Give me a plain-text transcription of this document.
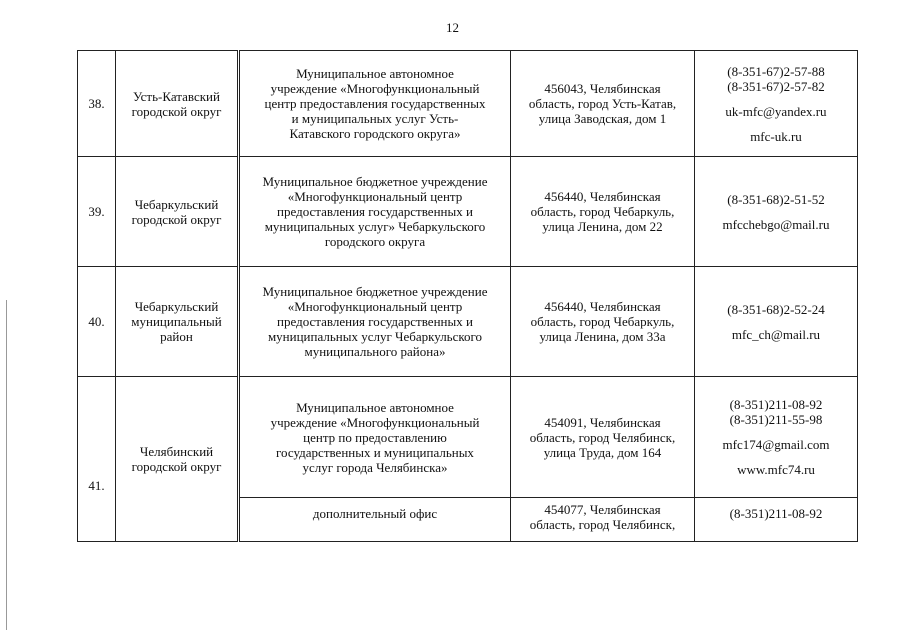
12
38.	Усть-Катавский
городской округ	Муниципальное автономное
учреждение «Многофункциональный
центр предоставления государственных
и муниципальных услуг Усть-
Катавского городского округа»	456043, Челябинская
область, город Усть-Катав,
улица Заводская, дом 1	(8-351-67)2-57-88
(8-351-67)2-57-82
uk-mfc@yandex.ru
mfc-uk.ru

39.	Чебаркульский
городской округ	Муниципальное бюджетное учреждение
«Многофункциональный центр
предоставления государственных и
муниципальных услуг» Чебаркульского
городского округа	456440, Челябинская
область, город Чебаркуль,
улица Ленина, дом 22	(8-351-68)2-51-52
mfcchebgo@mail.ru

40.	Чебаркульский
муниципальный
район	Муниципальное бюджетное учреждение
«Многофункциональный центр
предоставления государственных и
муниципальных услуг Чебаркульского
муниципального района»	456440, Челябинская
область, город Чебаркуль,
улица Ленина, дом 33а	(8-351-68)2-52-24
mfc_ch@mail.ru

41.	Челябинский
городской округ	Муниципальное автономное
учреждение «Многофункциональный
центр по предоставлению
государственных и муниципальных
услуг города Челябинска»	454091, Челябинская
область, город Челябинск,
улица Труда, дом 164	(8-351)211-08-92
(8-351)211-55-98
mfc174@gmail.com
www.mfc74.ru

		дополнительный офис	454077, Челябинская
область, город Челябинск,	(8-351)211-08-92
